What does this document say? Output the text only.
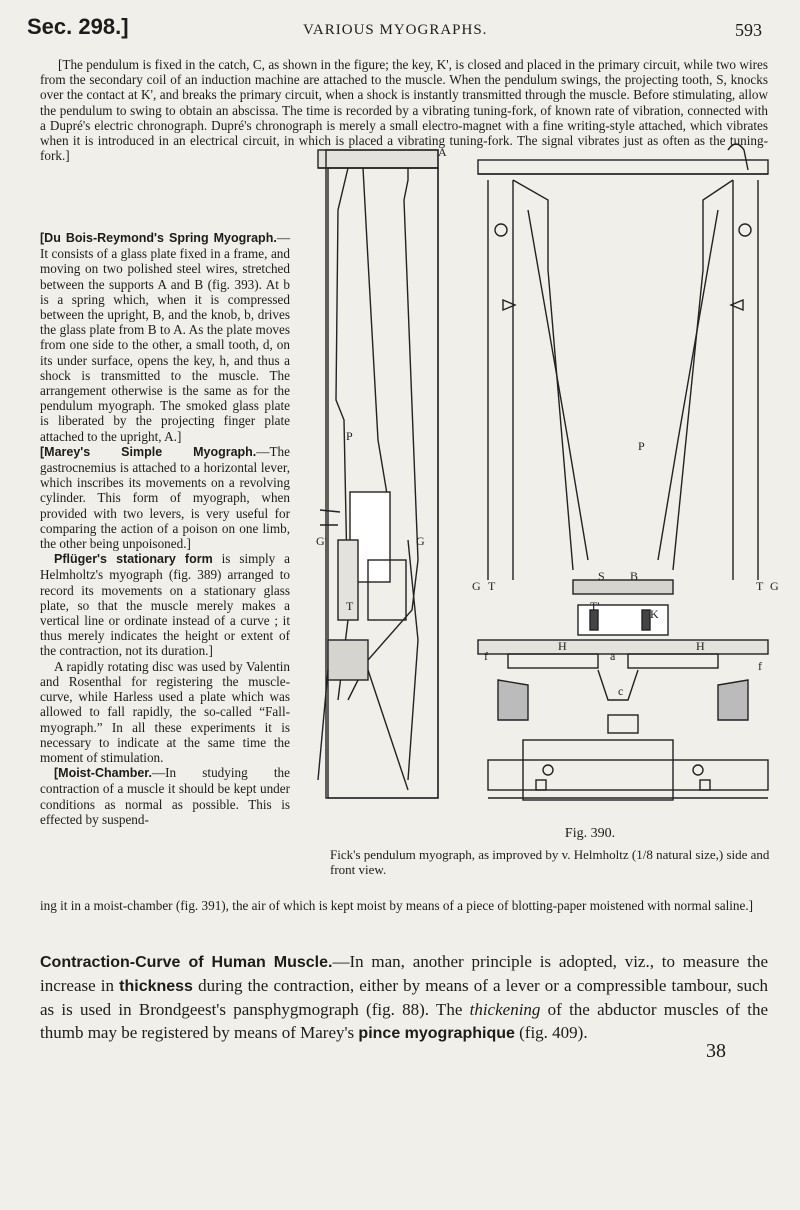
Sec. 298.]	VARIOUS MYOGRAPHS.	593
[The pendulum is fixed in the catch, C, as shown in the figure; the key, K', is closed and placed in the primary circuit, while two wires from the secondary coil of an induction machine are attached to the muscle. When the pendulum swings, the projecting tooth, S, knocks over the contact at K', and breaks the primary circuit, when a shock is instantly transmitted through the muscle. Before stimulating, allow the pendulum to swing to obtain an abscissa. The time is recorded by a vibrating tuning-fork, of known rate of vibration, connected with a Dupré's electric chronograph. Dupré's chronograph is merely a small electro-magnet with a fine writing-style attached, which vibrates when it is introduced in an electrical circuit, in which is placed a vibrating tuning-fork. The signal vibrates just as often as the tuning-fork.]

[Du Bois-Reymond's Spring Myograph.—It consists of a glass plate fixed in a frame, and moving on two polished steel wires, stretched between the supports A and B (fig. 393). At b is a spring which, when it is compressed between the upright, B, and the knob, b, drives the glass plate from B to A. As the plate moves from one side to the other, a small tooth, d, on its under surface, opens the key, h, and thus a shock is transmitted to the muscle. The arrangement otherwise is the same as for the pendulum myograph. The smoked glass plate is liberated by the projecting finger plate attached to the upright, A.]

[Marey's Simple Myograph.—The gastrocnemius is attached to a horizontal lever, which inscribes its movements on a revolving cylinder. This form of myograph, when provided with two levers, is very useful for comparing the action of a poison on one limb, the other being unpoisoned.]

Pflüger's stationary form is simply a Helmholtz's myograph (fig. 389) arranged to record its movements on a stationary glass plate, so that the muscle merely makes a vertical line or ordinate instead of a curve ; it thus merely indicates the height or extent of the contraction, not its duration.]

A rapidly rotating disc was used by Valentin and Rosenthal for registering the muscle-curve, while Harless used a plate which was allowed to fall rapidly, the so-called “Fall-myograph.” In all these experiments it is necessary to indicate at the same time the moment of stimulation.

[Moist-Chamber.—In studying the contraction of a muscle it should be kept under conditions as normal as possible. This is effected by suspend-

A
P
P
G'	G
G T	T G
S B
T'
K
H	H
f
f
a
c
T
Fig. 390.
Fick's pendulum myograph, as improved by v. Helmholtz (1/8 natural size,) side and front view.
ing it in a moist-chamber (fig. 391), the air of which is kept moist by means of a piece of blotting-paper moistened with normal saline.]
Contraction-Curve of Human Muscle.—In man, another principle is adopted, viz., to measure the increase in thickness during the contraction, either by means of a lever or a compressible tambour, such as is used in Brondgeest's pansphygmograph (fig. 88). The thickening of the abductor muscles of the thumb may be registered by means of Marey's pince myographique (fig. 409).
38
